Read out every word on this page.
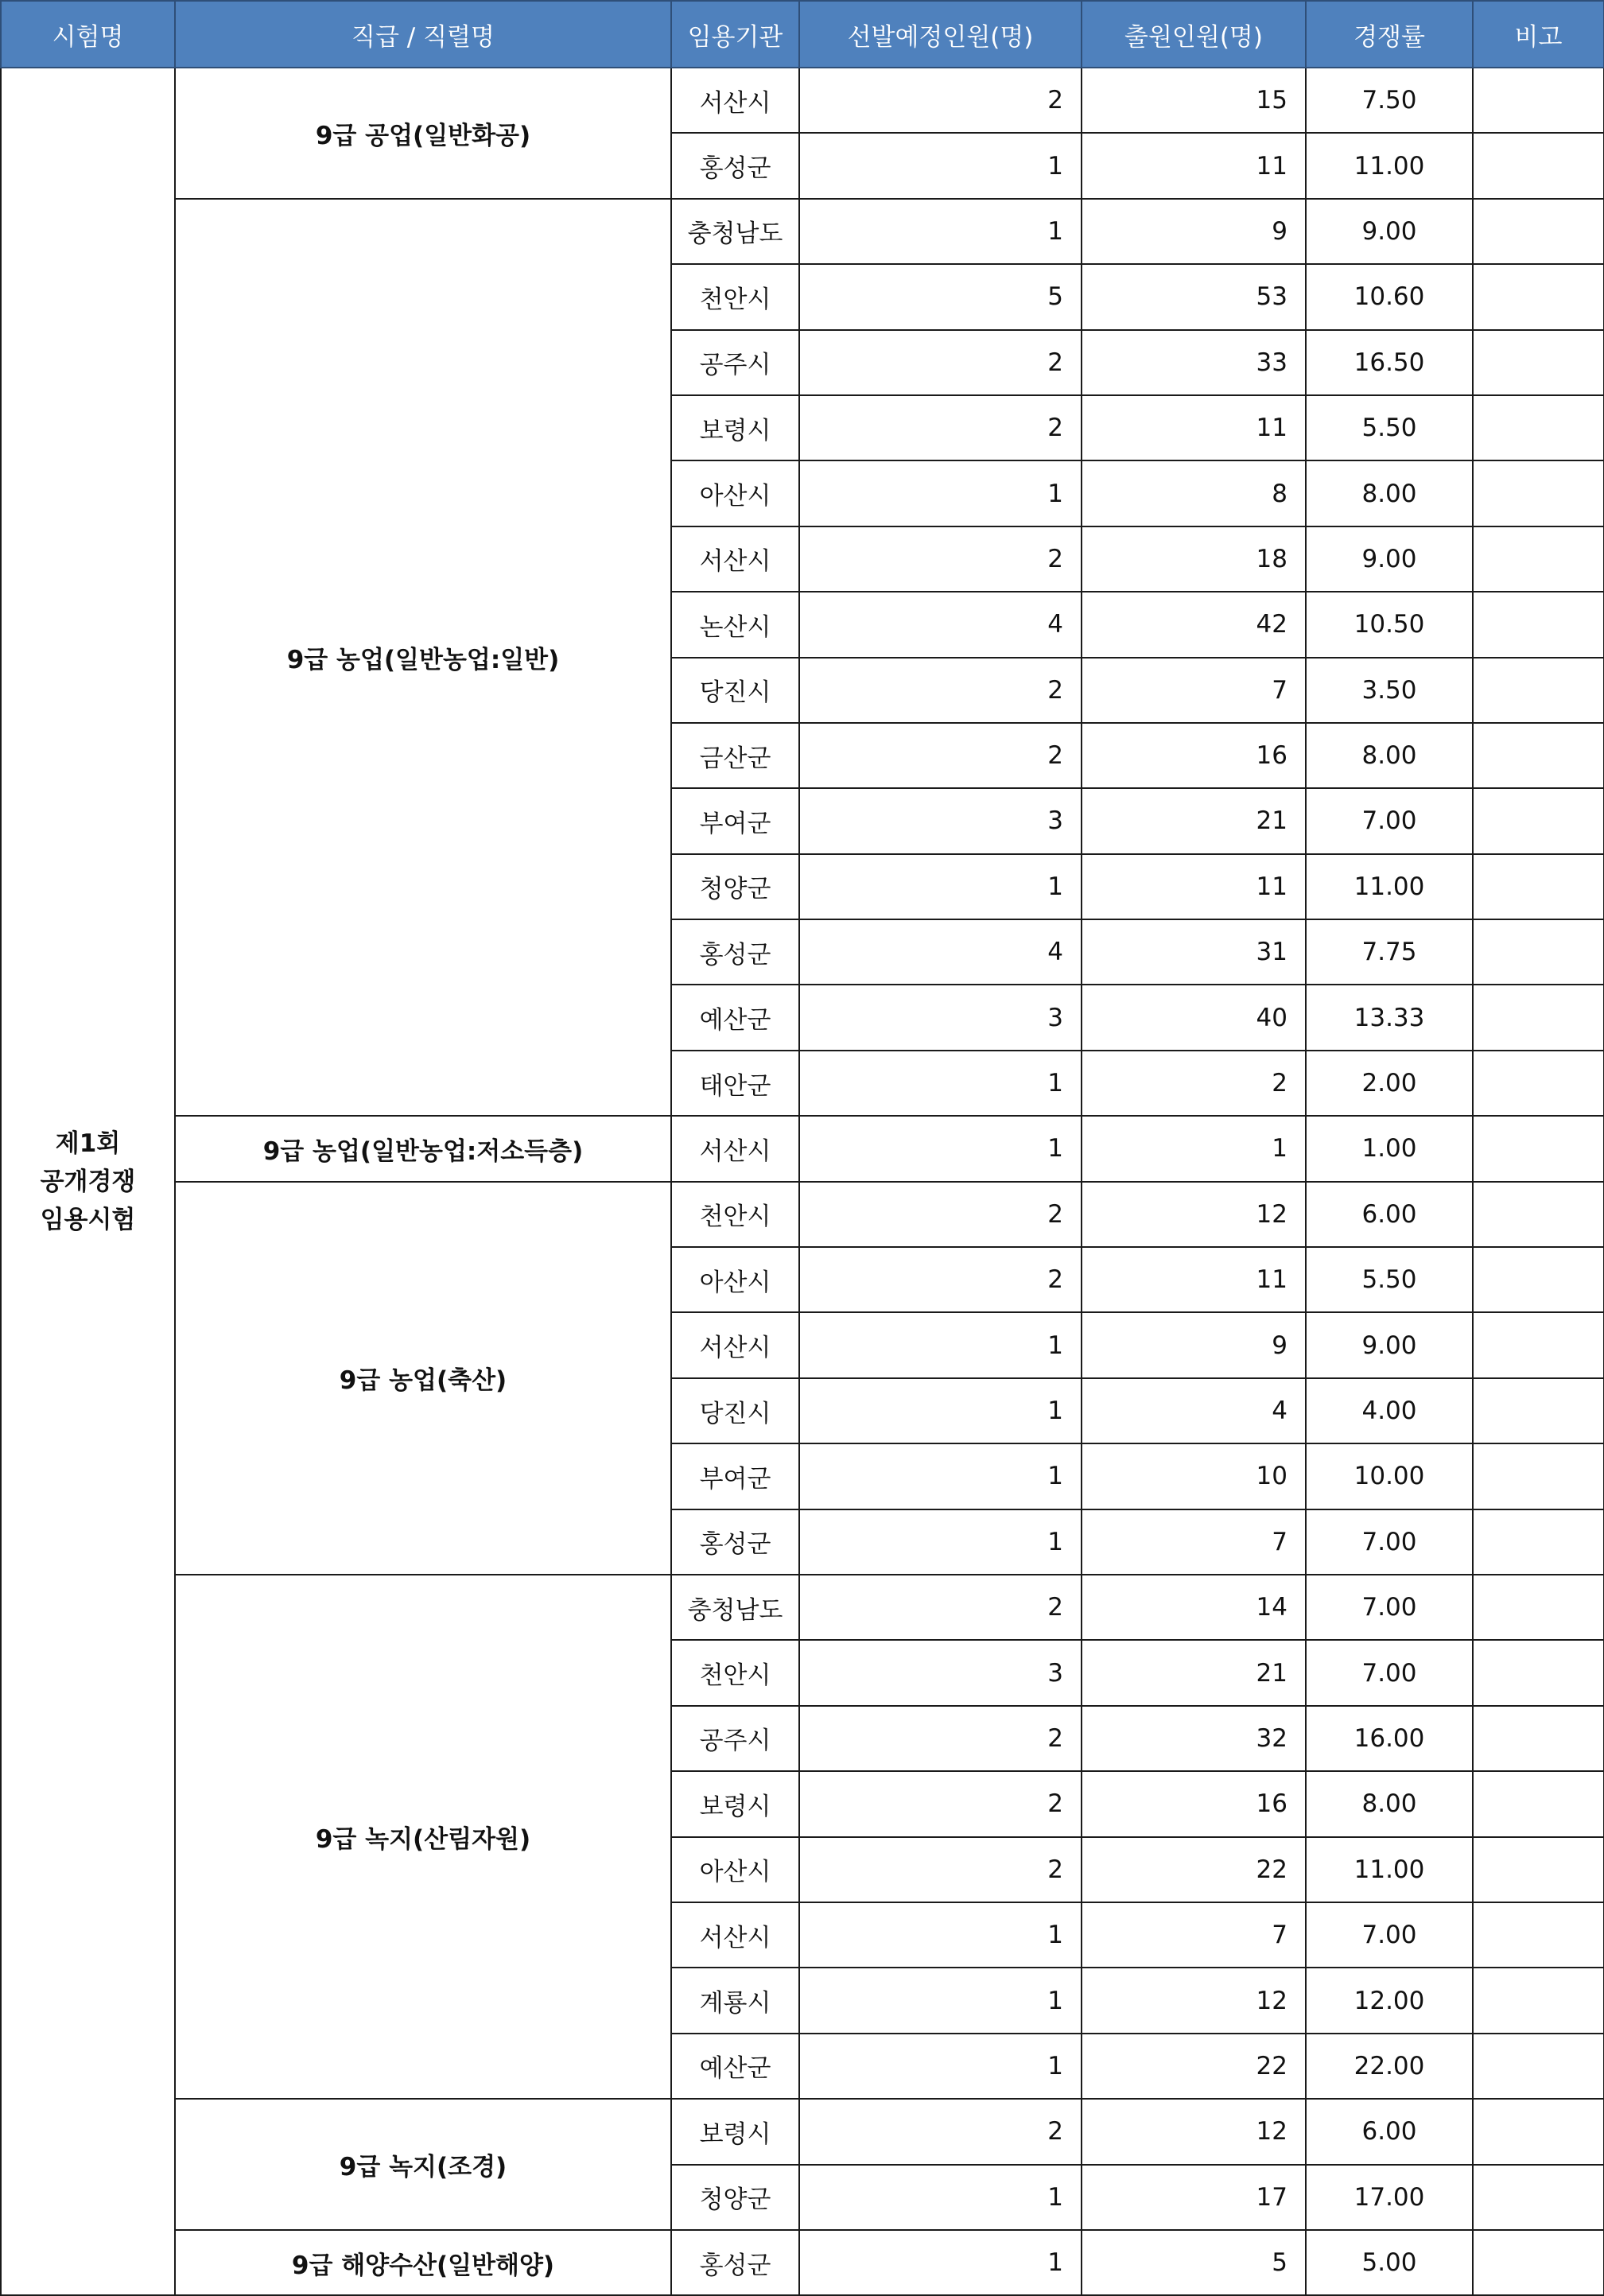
시험명	직급 / 직렬명	임용기관	선발예정인원(명)	출원인원(명)	경쟁률	비고

제1회
공개경쟁
임용시험	9급 공업(일반화공)	서산시	2	15	7.50	
		홍성군	1	11	11.00	
	9급 농업(일반농업:일반)	충청남도	1	9	9.00	
		천안시	5	53	10.60	
		공주시	2	33	16.50	
		보령시	2	11	5.50	
		아산시	1	8	8.00	
		서산시	2	18	9.00	
		논산시	4	42	10.50	
		당진시	2	7	3.50	
		금산군	2	16	8.00	
		부여군	3	21	7.00	
		청양군	1	11	11.00	
		홍성군	4	31	7.75	
		예산군	3	40	13.33	
		태안군	1	2	2.00	
	9급 농업(일반농업:저소득층)	서산시	1	1	1.00	
	9급 농업(축산)	천안시	2	12	6.00	
		아산시	2	11	5.50	
		서산시	1	9	9.00	
		당진시	1	4	4.00	
		부여군	1	10	10.00	
		홍성군	1	7	7.00	
	9급 녹지(산림자원)	충청남도	2	14	7.00	
		천안시	3	21	7.00	
		공주시	2	32	16.00	
		보령시	2	16	8.00	
		아산시	2	22	11.00	
		서산시	1	7	7.00	
		계룡시	1	12	12.00	
		예산군	1	22	22.00	
	9급 녹지(조경)	보령시	2	12	6.00	
		청양군	1	17	17.00	
	9급 해양수산(일반해양)	홍성군	1	5	5.00	
